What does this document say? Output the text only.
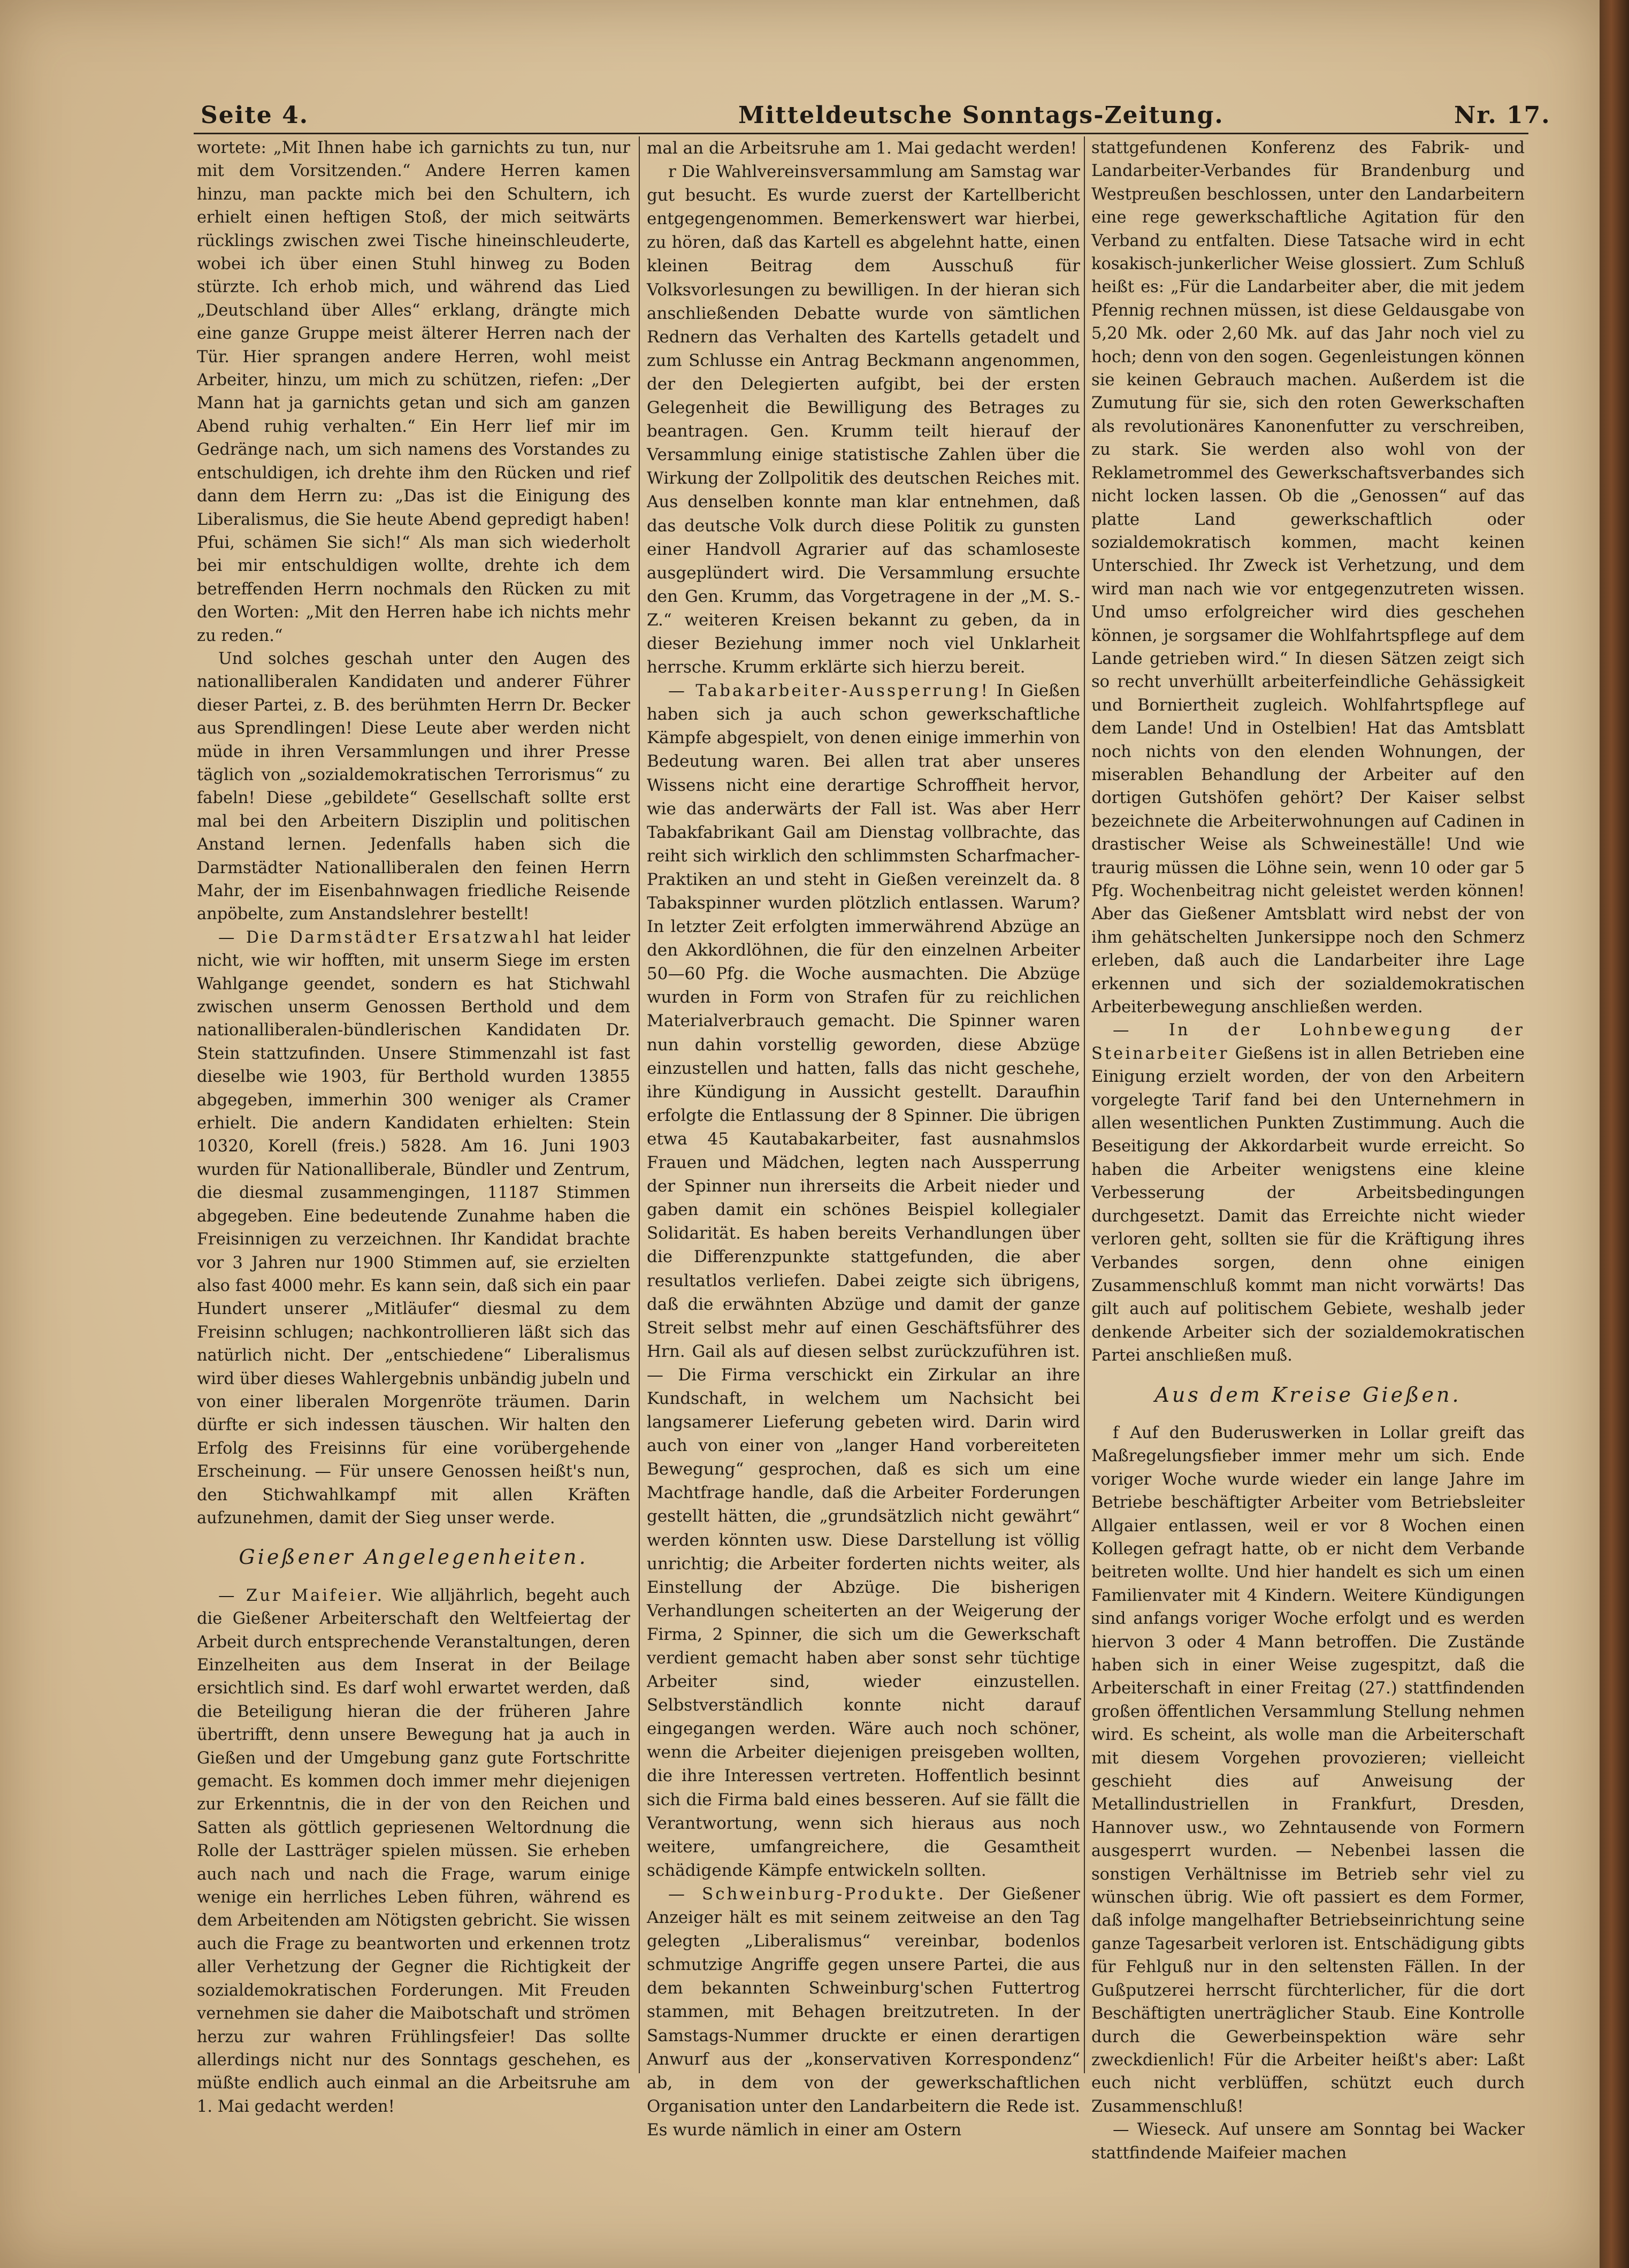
Seite 4.	Mitteldeutsche Sonntags-Zeitung.	Nr. 17.

wortete: „Mit Ihnen habe ich garnichts zu tun, nur mit dem Vorsitzenden.“ Andere Herren kamen hinzu, man packte mich bei den Schultern, ich erhielt einen heftigen Stoß, der mich seitwärts rücklings zwischen zwei Tische hineinschleuderte, wobei ich über einen Stuhl hinweg zu Boden stürzte. Ich erhob mich, und während das Lied „Deutschland über Alles“ erklang, drängte mich eine ganze Gruppe meist älterer Herren nach der Tür. Hier sprangen andere Herren, wohl meist Arbeiter, hinzu, um mich zu schützen, riefen: „Der Mann hat ja garnichts getan und sich am ganzen Abend ruhig verhalten.“ Ein Herr lief mir im Gedränge nach, um sich namens des Vorstandes zu entschuldigen, ich drehte ihm den Rücken und rief dann dem Herrn zu: „Das ist die Einigung des Liberalismus, die Sie heute Abend gepredigt haben! Pfui, schämen Sie sich!“ Als man sich wiederholt bei mir entschuldigen wollte, drehte ich dem betreffenden Herrn nochmals den Rücken zu mit den Worten: „Mit den Herren habe ich nichts mehr zu reden.“

Und solches geschah unter den Augen des nationalliberalen Kandidaten und anderer Führer dieser Partei, z. B. des berühmten Herrn Dr. Becker aus Sprendlingen! Diese Leute aber werden nicht müde in ihren Versammlungen und ihrer Presse täglich von „sozialdemokratischen Terrorismus“ zu fabeln! Diese „gebildete“ Gesellschaft sollte erst mal bei den Arbeitern Disziplin und politischen Anstand lernen. Jedenfalls haben sich die Darmstädter Nationalliberalen den feinen Herrn Mahr, der im Eisenbahnwagen friedliche Reisende anpöbelte, zum Anstandslehrer bestellt!

— Die Darmstädter Ersatzwahl hat leider nicht, wie wir hofften, mit unserm Siege im ersten Wahlgange geendet, sondern es hat Stichwahl zwischen unserm Genossen Berthold und dem nationalliberalen-bündlerischen Kandidaten Dr. Stein stattzufinden. Unsere Stimmenzahl ist fast dieselbe wie 1903, für Berthold wurden 13855 abgegeben, immerhin 300 weniger als Cramer erhielt. Die andern Kandidaten erhielten: Stein 10320, Korell (freis.) 5828. Am 16. Juni 1903 wurden für Nationalliberale, Bündler und Zentrum, die diesmal zusammengingen, 11187 Stimmen abgegeben. Eine bedeutende Zunahme haben die Freisinnigen zu verzeichnen. Ihr Kandidat brachte vor 3 Jahren nur 1900 Stimmen auf, sie erzielten also fast 4000 mehr. Es kann sein, daß sich ein paar Hundert unserer „Mitläufer“ diesmal zu dem Freisinn schlugen; nachkontrollieren läßt sich das natürlich nicht. Der „entschiedene“ Liberalismus wird über dieses Wahlergebnis unbändig jubeln und von einer liberalen Morgenröte träumen. Darin dürfte er sich indessen täuschen. Wir halten den Erfolg des Freisinns für eine vorübergehende Erscheinung. — Für unsere Genossen heißt's nun, den Stichwahlkampf mit allen Kräften aufzunehmen, damit der Sieg unser werde.

Gießener Angelegenheiten.

— Zur Maifeier. Wie alljährlich, begeht auch die Gießener Arbeiterschaft den Weltfeiertag der Arbeit durch entsprechende Veranstaltungen, deren Einzelheiten aus dem Inserat in der Beilage ersichtlich sind. Es darf wohl erwartet werden, daß die Beteiligung hieran die der früheren Jahre übertrifft, denn unsere Bewegung hat ja auch in Gießen und der Umgebung ganz gute Fortschritte gemacht. Es kommen doch immer mehr diejenigen zur Erkenntnis, die in der von den Reichen und Satten als göttlich gepriesenen Weltordnung die Rolle der Lastträger spielen müssen. Sie erheben auch nach und nach die Frage, warum einige wenige ein herrliches Leben führen, während es dem Arbeitenden am Nötigsten gebricht. Sie wissen auch die Frage zu beantworten und erkennen trotz aller Verhetzung der Gegner die Richtigkeit der sozialdemokratischen Forderungen. Mit Freuden vernehmen sie daher die Maibotschaft und strömen herzu zur wahren Frühlingsfeier! Das sollte allerdings nicht nur des Sonntags geschehen, es müßte endlich auch einmal an die Arbeitsruhe am 1. Mai gedacht werden!

mal an die Arbeitsruhe am 1. Mai gedacht werden!

r Die Wahlvereinsversammlung am Samstag war gut besucht. Es wurde zuerst der Kartellbericht entgegengenommen. Bemerkenswert war hierbei, zu hören, daß das Kartell es abgelehnt hatte, einen kleinen Beitrag dem Ausschuß für Volksvorlesungen zu bewilligen. In der hieran sich anschließenden Debatte wurde von sämtlichen Rednern das Verhalten des Kartells getadelt und zum Schlusse ein Antrag Beckmann angenommen, der den Delegierten aufgibt, bei der ersten Gelegenheit die Bewilligung des Betrages zu beantragen. Gen. Krumm teilt hierauf der Versammlung einige statistische Zahlen über die Wirkung der Zollpolitik des deutschen Reiches mit. Aus denselben konnte man klar entnehmen, daß das deutsche Volk durch diese Politik zu gunsten einer Handvoll Agrarier auf das schamloseste ausgeplündert wird. Die Versammlung ersuchte den Gen. Krumm, das Vorgetragene in der „M. S.-Z.“ weiteren Kreisen bekannt zu geben, da in dieser Beziehung immer noch viel Unklarheit herrsche. Krumm erklärte sich hierzu bereit.

— Tabakarbeiter-Aussperrung! In Gießen haben sich ja auch schon gewerkschaftliche Kämpfe abgespielt, von denen einige immerhin von Bedeutung waren. Bei allen trat aber unseres Wissens nicht eine derartige Schroffheit hervor, wie das anderwärts der Fall ist. Was aber Herr Tabakfabrikant Gail am Dienstag vollbrachte, das reiht sich wirklich den schlimmsten Scharfmacher-Praktiken an und steht in Gießen vereinzelt da. 8 Tabakspinner wurden plötzlich entlassen. Warum? In letzter Zeit erfolgten immerwährend Abzüge an den Akkordlöhnen, die für den einzelnen Arbeiter 50—60 Pfg. die Woche ausmachten. Die Abzüge wurden in Form von Strafen für zu reichlichen Materialverbrauch gemacht. Die Spinner waren nun dahin vorstellig geworden, diese Abzüge einzustellen und hatten, falls das nicht geschehe, ihre Kündigung in Aussicht gestellt. Daraufhin erfolgte die Entlassung der 8 Spinner. Die übrigen etwa 45 Kautabakarbeiter, fast ausnahmslos Frauen und Mädchen, legten nach Aussperrung der Spinner nun ihrerseits die Arbeit nieder und gaben damit ein schönes Beispiel kollegialer Solidarität. Es haben bereits Verhandlungen über die Differenzpunkte stattgefunden, die aber resultatlos verliefen. Dabei zeigte sich übrigens, daß die erwähnten Abzüge und damit der ganze Streit selbst mehr auf einen Geschäftsführer des Hrn. Gail als auf diesen selbst zurückzuführen ist. — Die Firma verschickt ein Zirkular an ihre Kundschaft, in welchem um Nachsicht bei langsamerer Lieferung gebeten wird. Darin wird auch von einer von „langer Hand vorbereiteten Bewegung“ gesprochen, daß es sich um eine Machtfrage handle, daß die Arbeiter Forderungen gestellt hätten, die „grundsätzlich nicht gewährt“ werden könnten usw. Diese Darstellung ist völlig unrichtig; die Arbeiter forderten nichts weiter, als Einstellung der Abzüge. Die bisherigen Verhandlungen scheiterten an der Weigerung der Firma, 2 Spinner, die sich um die Gewerkschaft verdient gemacht haben aber sonst sehr tüchtige Arbeiter sind, wieder einzustellen. Selbstverständlich konnte nicht darauf eingegangen werden. Wäre auch noch schöner, wenn die Arbeiter diejenigen preisgeben wollten, die ihre Interessen vertreten. Hoffentlich besinnt sich die Firma bald eines besseren. Auf sie fällt die Verantwortung, wenn sich hieraus aus noch weitere, umfangreichere, die Gesamtheit schädigende Kämpfe entwickeln sollten.

— Schweinburg-Produkte. Der Gießener Anzeiger hält es mit seinem zeitweise an den Tag gelegten „Liberalismus“ vereinbar, bodenlos schmutzige Angriffe gegen unsere Partei, die aus dem bekannten Schweinburg'schen Futtertrog stammen, mit Behagen breitzutreten. In der Samstags-Nummer druckte er einen derartigen Anwurf aus der „konservativen Korrespondenz“ ab, in dem von der gewerkschaftlichen Organisation unter den Landarbeitern die Rede ist. Es wurde nämlich in einer am Ostern

stattgefundenen Konferenz des Fabrik- und Landarbeiter-Verbandes für Brandenburg und Westpreußen beschlossen, unter den Landarbeitern eine rege gewerkschaftliche Agitation für den Verband zu entfalten. Diese Tatsache wird in echt kosakisch-junkerlicher Weise glossiert. Zum Schluß heißt es: „Für die Landarbeiter aber, die mit jedem Pfennig rechnen müssen, ist diese Geldausgabe von 5,20 Mk. oder 2,60 Mk. auf das Jahr noch viel zu hoch; denn von den sogen. Gegenleistungen können sie keinen Gebrauch machen. Außerdem ist die Zumutung für sie, sich den roten Gewerkschaften als revolutionäres Kanonenfutter zu verschreiben, zu stark. Sie werden also wohl von der Reklametrommel des Gewerkschaftsverbandes sich nicht locken lassen. Ob die „Genossen“ auf das platte Land gewerkschaftlich oder sozialdemokratisch kommen, macht keinen Unterschied. Ihr Zweck ist Verhetzung, und dem wird man nach wie vor entgegenzutreten wissen. Und umso erfolgreicher wird dies geschehen können, je sorgsamer die Wohlfahrtspflege auf dem Lande getrieben wird.“ In diesen Sätzen zeigt sich so recht unverhüllt arbeiterfeindliche Gehässigkeit und Borniertheit zugleich. Wohlfahrtspflege auf dem Lande! Und in Ostelbien! Hat das Amtsblatt noch nichts von den elenden Wohnungen, der miserablen Behandlung der Arbeiter auf den dortigen Gutshöfen gehört? Der Kaiser selbst bezeichnete die Arbeiterwohnungen auf Cadinen in drastischer Weise als Schweineställe! Und wie traurig müssen die Löhne sein, wenn 10 oder gar 5 Pfg. Wochenbeitrag nicht geleistet werden können! Aber das Gießener Amtsblatt wird nebst der von ihm gehätschelten Junkersippe noch den Schmerz erleben, daß auch die Landarbeiter ihre Lage erkennen und sich der sozialdemokratischen Arbeiterbewegung anschließen werden.

— In der Lohnbewegung der Steinarbeiter Gießens ist in allen Betrieben eine Einigung erzielt worden, der von den Arbeitern vorgelegte Tarif fand bei den Unternehmern in allen wesentlichen Punkten Zustimmung. Auch die Beseitigung der Akkordarbeit wurde erreicht. So haben die Arbeiter wenigstens eine kleine Verbesserung der Arbeitsbedingungen durchgesetzt. Damit das Erreichte nicht wieder verloren geht, sollten sie für die Kräftigung ihres Verbandes sorgen, denn ohne einigen Zusammenschluß kommt man nicht vorwärts! Das gilt auch auf politischem Gebiete, weshalb jeder denkende Arbeiter sich der sozialdemokratischen Partei anschließen muß.

Aus dem Kreise Gießen.

f Auf den Buderuswerken in Lollar greift das Maßregelungsfieber immer mehr um sich. Ende voriger Woche wurde wieder ein lange Jahre im Betriebe beschäftigter Arbeiter vom Betriebsleiter Allgaier entlassen, weil er vor 8 Wochen einen Kollegen gefragt hatte, ob er nicht dem Verbande beitreten wollte. Und hier handelt es sich um einen Familienvater mit 4 Kindern. Weitere Kündigungen sind anfangs voriger Woche erfolgt und es werden hiervon 3 oder 4 Mann betroffen. Die Zustände haben sich in einer Weise zugespitzt, daß die Arbeiterschaft in einer Freitag (27.) stattfindenden großen öffentlichen Versammlung Stellung nehmen wird. Es scheint, als wolle man die Arbeiterschaft mit diesem Vorgehen provozieren; vielleicht geschieht dies auf Anweisung der Metallindustriellen in Frankfurt, Dresden, Hannover usw., wo Zehntausende von Formern ausgesperrt wurden. — Nebenbei lassen die sonstigen Verhältnisse im Betrieb sehr viel zu wünschen übrig. Wie oft passiert es dem Former, daß infolge mangelhafter Betriebseinrichtung seine ganze Tagesarbeit verloren ist. Entschädigung gibts für Fehlguß nur in den seltensten Fällen. In der Gußputzerei herrscht fürchterlicher, für die dort Beschäftigten unerträglicher Staub. Eine Kontrolle durch die Gewerbeinspektion wäre sehr zweckdienlich! Für die Arbeiter heißt's aber: Laßt euch nicht verblüffen, schützt euch durch Zusammenschluß!

— Wieseck. Auf unsere am Sonntag bei Wacker stattfindende Maifeier machen
